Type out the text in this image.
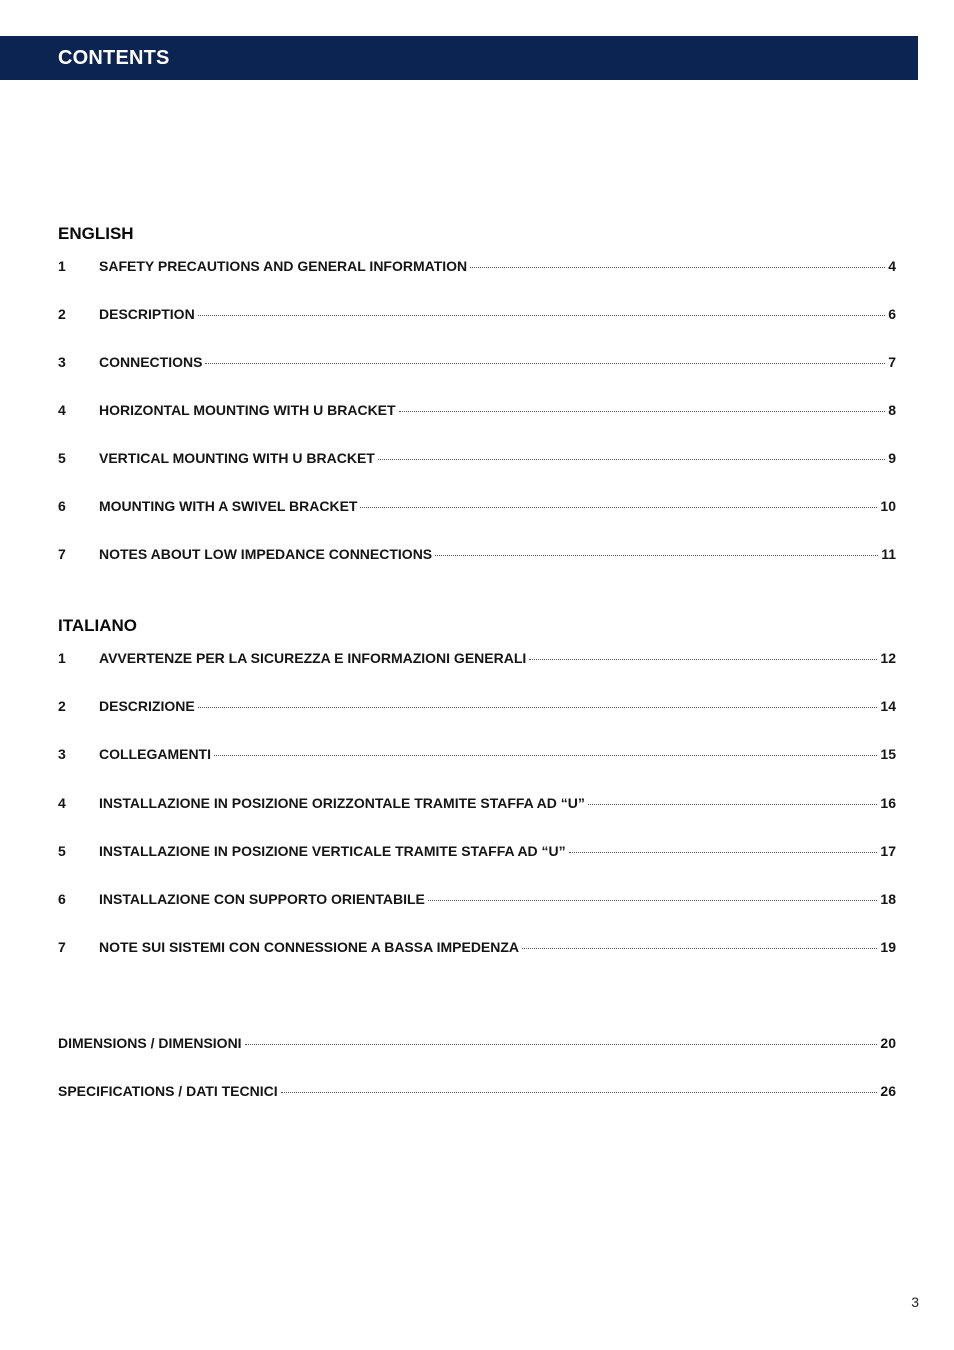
CONTENTS
ENGLISH
1	SAFETY PRECAUTIONS AND GENERAL INFORMATION	4
2	DESCRIPTION	6
3	CONNECTIONS	7
4	HORIZONTAL MOUNTING WITH U BRACKET	8
5	VERTICAL MOUNTING WITH U BRACKET	9
6	MOUNTING WITH A SWIVEL BRACKET	10
7	NOTES ABOUT LOW IMPEDANCE CONNECTIONS	11
ITALIANO
1	AVVERTENZE PER LA SICUREZZA E INFORMAZIONI GENERALI	12
2	DESCRIZIONE	14
3	COLLEGAMENTI	15
4	INSTALLAZIONE IN POSIZIONE ORIZZONTALE TRAMITE STAFFA AD “U”	16
5	INSTALLAZIONE IN POSIZIONE VERTICALE TRAMITE STAFFA AD “U”	17
6	INSTALLAZIONE CON SUPPORTO ORIENTABILE	18
7	NOTE SUI SISTEMI CON CONNESSIONE A BASSA IMPEDENZA	19
DIMENSIONS / DIMENSIONI	20
SPECIFICATIONS / DATI TECNICI	26
3
